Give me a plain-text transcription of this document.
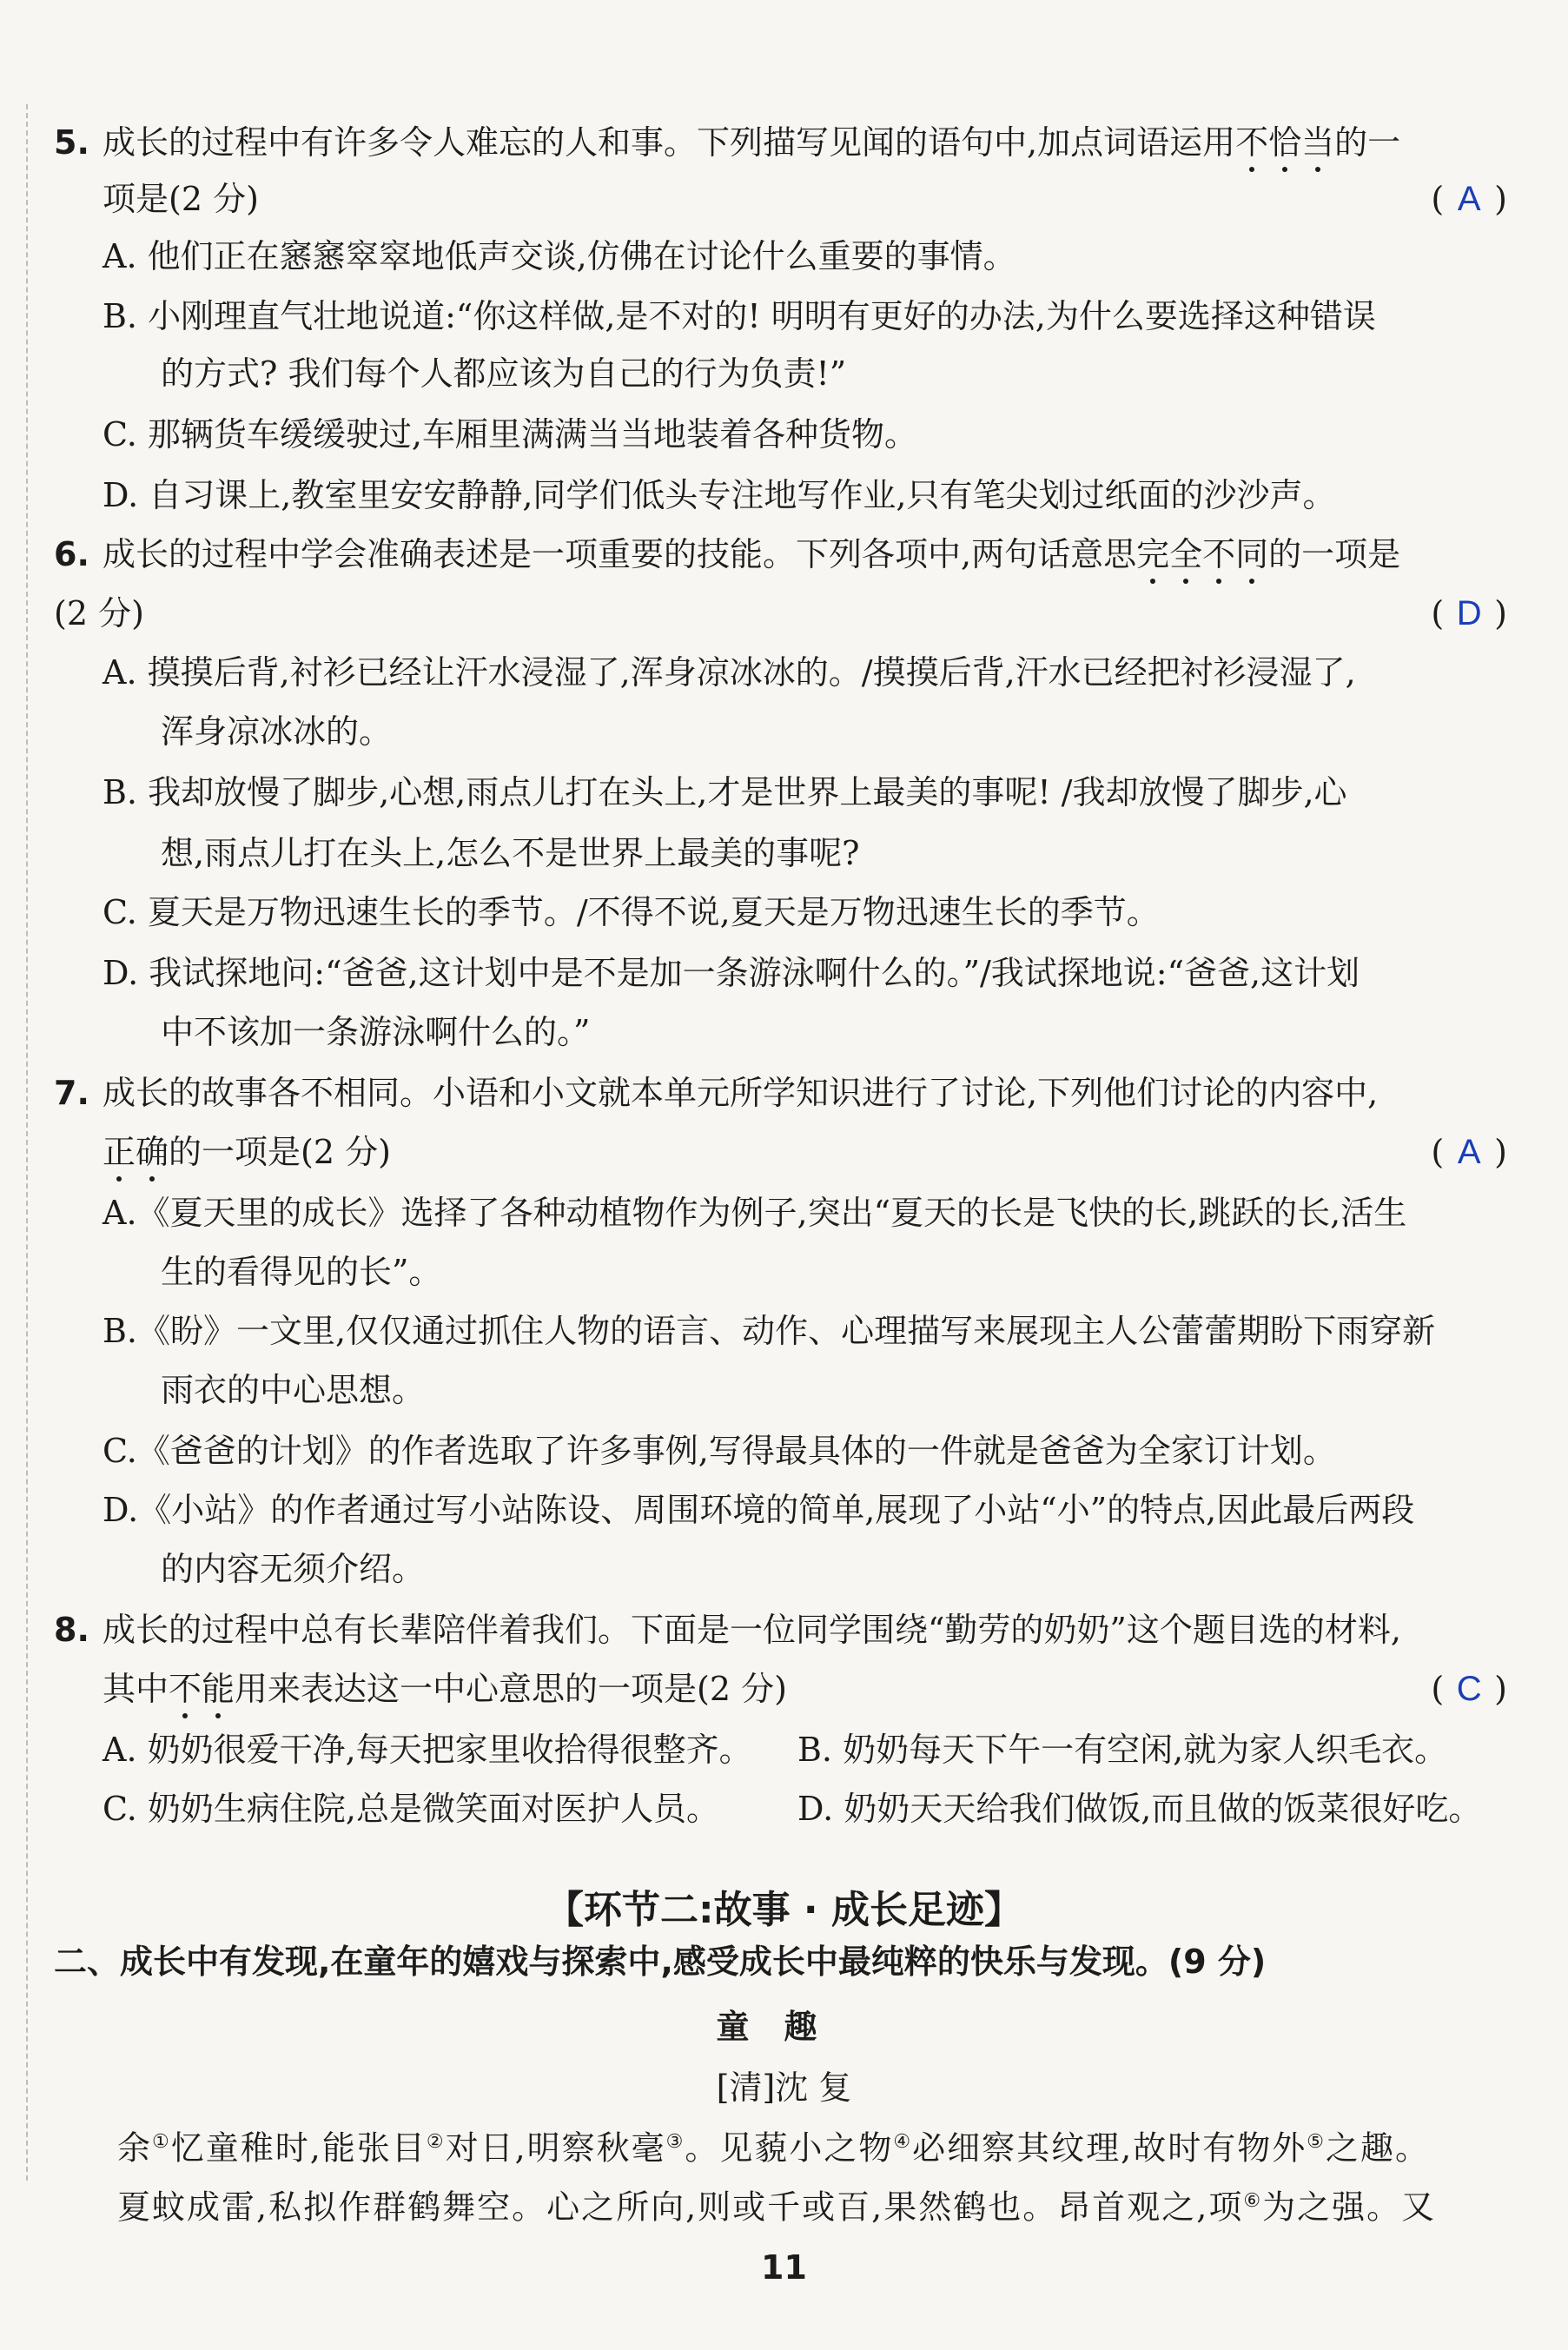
5. 成长的过程中有许多令人难忘的人和事。下列描写见闻的语句中,加点词语运用不恰当的一
项是(2 分)	( A )
A. 他们正在窸窸窣窣地低声交谈,仿佛在讨论什么重要的事情。
B. 小刚理直气壮地说道:“你这样做,是不对的! 明明有更好的办法,为什么要选择这种错误
的方式? 我们每个人都应该为自己的行为负责!”
C. 那辆货车缓缓驶过,车厢里满满当当地装着各种货物。
D. 自习课上,教室里安安静静,同学们低头专注地写作业,只有笔尖划过纸面的沙沙声。
6. 成长的过程中学会准确表述是一项重要的技能。下列各项中,两句话意思完全不同的一项是
(2 分)	( D )
A. 摸摸后背,衬衫已经让汗水浸湿了,浑身凉冰冰的。/摸摸后背,汗水已经把衬衫浸湿了,
浑身凉冰冰的。
B. 我却放慢了脚步,心想,雨点儿打在头上,才是世界上最美的事呢! /我却放慢了脚步,心
想,雨点儿打在头上,怎么不是世界上最美的事呢?
C. 夏天是万物迅速生长的季节。/不得不说,夏天是万物迅速生长的季节。
D. 我试探地问:“爸爸,这计划中是不是加一条游泳啊什么的。”/我试探地说:“爸爸,这计划
中不该加一条游泳啊什么的。”
7. 成长的故事各不相同。小语和小文就本单元所学知识进行了讨论,下列他们讨论的内容中,
正确的一项是(2 分)	( A )
A.《夏天里的成长》选择了各种动植物作为例子,突出“夏天的长是飞快的长,跳跃的长,活生
生的看得见的长”。
B.《盼》一文里,仅仅通过抓住人物的语言、动作、心理描写来展现主人公蕾蕾期盼下雨穿新
雨衣的中心思想。
C.《爸爸的计划》的作者选取了许多事例,写得最具体的一件就是爸爸为全家订计划。
D.《小站》的作者通过写小站陈设、周围环境的简单,展现了小站“小”的特点,因此最后两段
的内容无须介绍。
8. 成长的过程中总有长辈陪伴着我们。下面是一位同学围绕“勤劳的奶奶”这个题目选的材料,
其中不能用来表达这一中心意思的一项是(2 分)	( C )
A. 奶奶很爱干净,每天把家里收拾得很整齐。 B. 奶奶每天下午一有空闲,就为家人织毛衣。
C. 奶奶生病住院,总是微笑面对医护人员。 D. 奶奶天天给我们做饭,而且做的饭菜很好吃。
【环节二:故事 · 成长足迹】
二、成长中有发现,在童年的嬉戏与探索中,感受成长中最纯粹的快乐与发现。(9 分)
童趣
[清]沈 复
余①忆童稚时,能张目②对日,明察秋毫③。见藐小之物④必细察其纹理,故时有物外⑤之趣。
夏蚊成雷,私拟作群鹤舞空。心之所向,则或千或百,果然鹤也。昂首观之,项⑥为之强。又
11
